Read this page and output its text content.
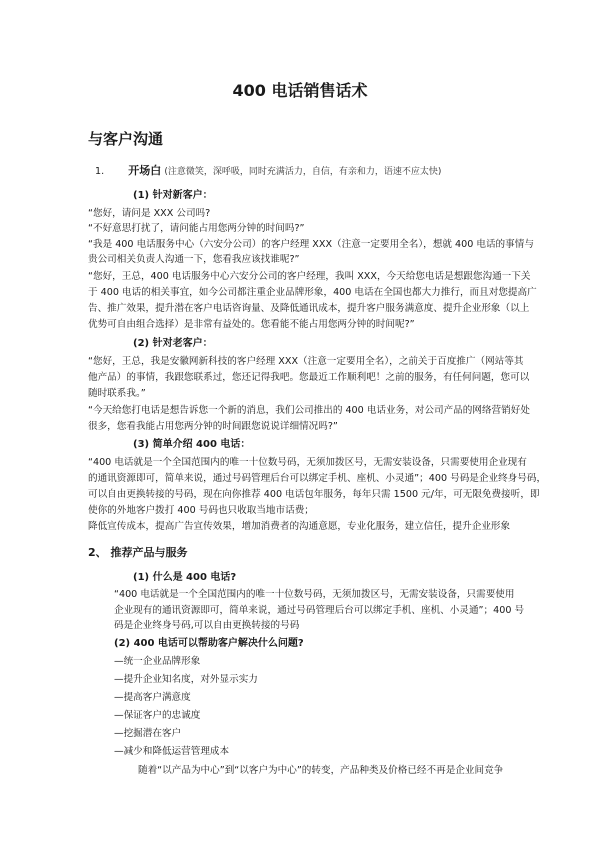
400 电话销售话术
与客户沟通
1. 开场白 (注意微笑，深呼吸，同时充满活力，自信，有亲和力，语速不应太快)
(1) 针对新客户：
“您好，请问是 XXX 公司吗?
“不好意思打扰了，请问能占用您两分钟的时间吗?”
“我是 400 电话服务中心（六安分公司）的客户经理 XXX（注意一定要用全名），想就 400 电话的事情与
贵公司相关负责人沟通一下，您看我应该找谁呢?”
“您好，王总，400 电话服务中心六安分公司的客户经理，我叫 XXX，今天给您电话是想跟您沟通一下关
于 400 电话的相关事宜，如今公司都注重企业品牌形象，400 电话在全国也都大力推行，而且对您提高广
告、推广效果，提升潜在客户电话咨询量、及降低通讯成本，提升客户服务满意度、提升企业形象（以上
优势可自由组合选择）是非常有益处的。您看能不能占用您两分钟的时间呢?”
(2) 针对老客户：
“您好，王总，我是安徽网新科技的客户经理 XXX（注意一定要用全名），之前关于百度推广（网站等其
他产品）的事情，我跟您联系过，您还记得我吧。您最近工作顺利吧！之前的服务，有任何问题，您可以
随时联系我。”
“今天给您打电话是想告诉您一个新的消息，我们公司推出的 400 电话业务，对公司产品的网络营销好处
很多，您看我能占用您两分钟的时间跟您说说详细情况吗?”
(3) 简单介绍 400 电话：
“400 电话就是一个全国范围内的唯一十位数号码，无须加拨区号，无需安装设备，只需要使用企业现有
的通讯资源即可，简单来说，通过号码管理后台可以绑定手机、座机、小灵通”；400 号码是企业终身号码，
可以自由更换转接的号码，现在向你推荐 400 电话包年服务，每年只需 1500 元/年，可无限免费接听，即
使你的外地客户拨打 400 号码也只收取当地市话费；
降低宣传成本，提高广告宣传效果，增加消费者的沟通意愿，专业化服务，建立信任，提升企业形象
2、 推荐产品与服务
(1) 什么是 400 电话?
“400 电话就是一个全国范围内的唯一十位数号码，无须加拨区号，无需安装设备，只需要使用
企业现有的通讯资源即可，简单来说，通过号码管理后台可以绑定手机、座机、小灵通”；400 号
码是企业终身号码,可以自由更换转接的号码
(2) 400 电话可以帮助客户解决什么问题?
—统一企业品牌形象
—提升企业知名度，对外显示实力
—提高客户满意度
—保证客户的忠诚度
—挖掘潜在客户
—减少和降低运营管理成本
随着“以产品为中心”到“以客户为中心”的转变，产品种类及价格已经不再是企业间竞争
